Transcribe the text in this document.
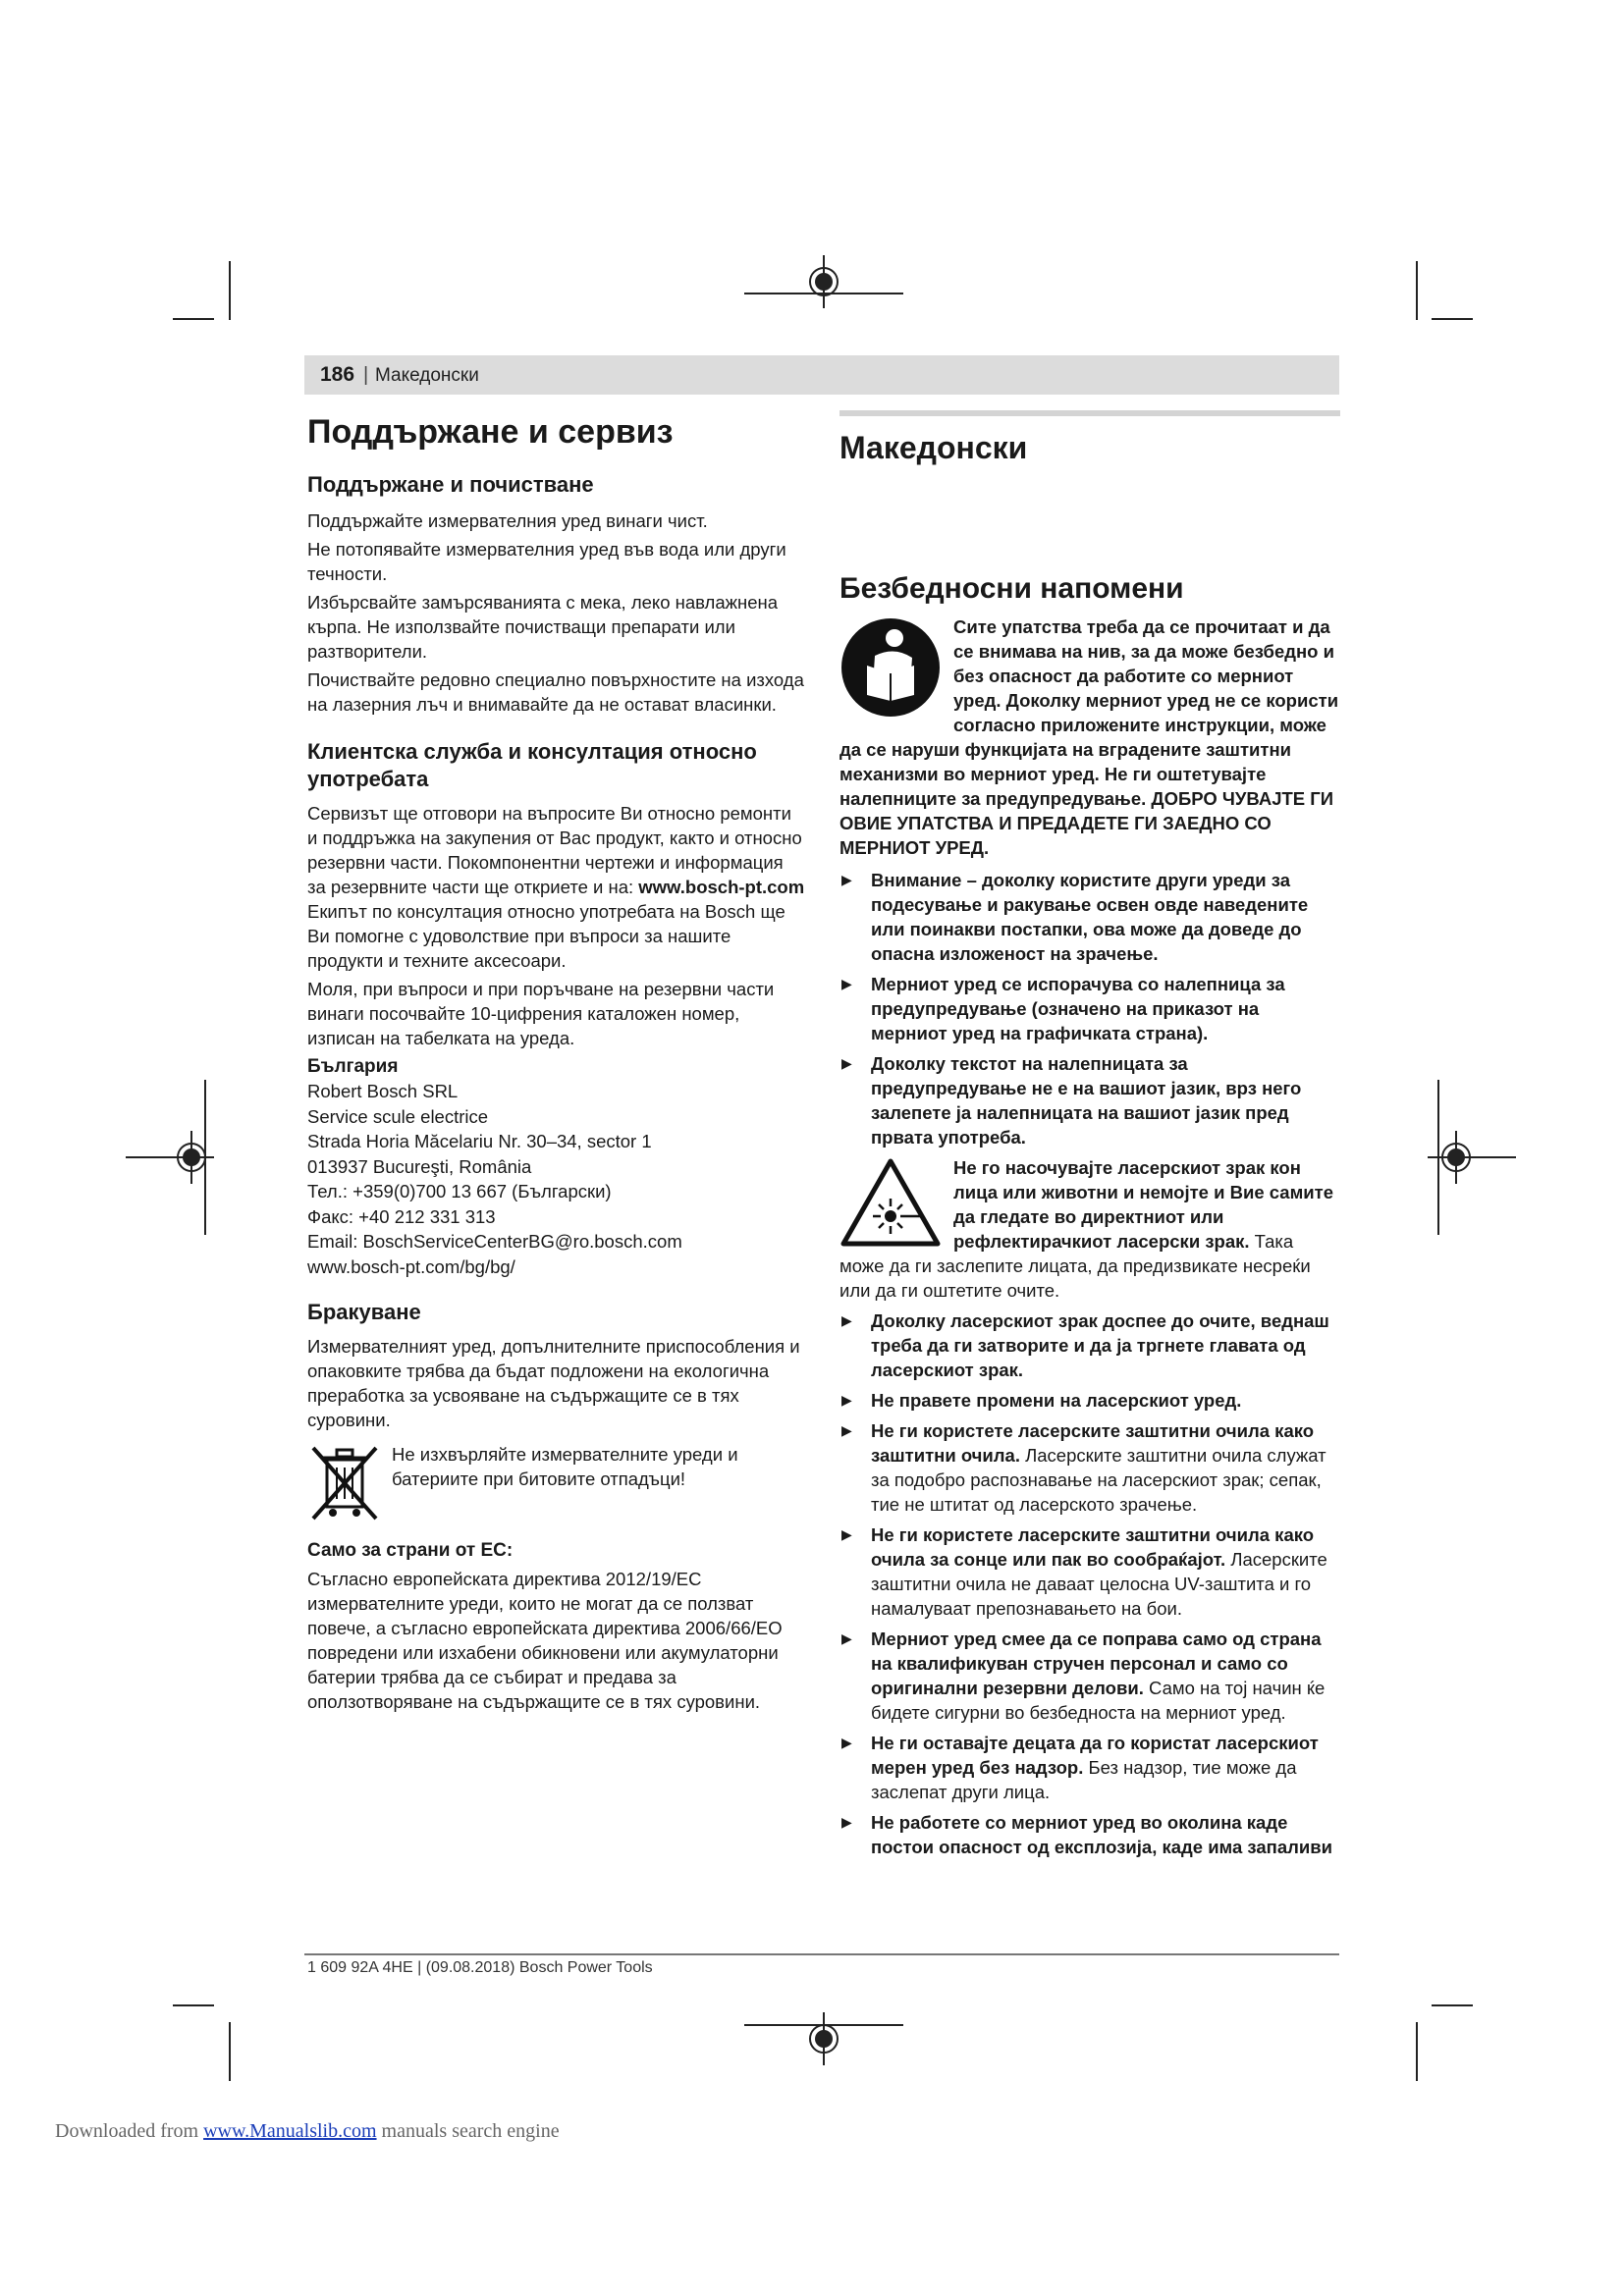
186 | Македонски
Поддържане и сервиз
Поддържане и почистване

Поддържайте измервателния уред винаги чист.

Не потопявайте измервателния уред във вода или други течности.

Избърсвайте замърсяванията с мека, леко навлажнена кърпа. Не използвайте почистващи препарати или разтворители.

Почиствайте редовно специално повърхностите на изхода на лазерния лъч и внимавайте да не остават власинки.

Клиентска служба и консултация относно употребата

Сервизът ще отговори на въпросите Ви относно ремонти и поддръжка на закупения от Вас продукт, както и относно резервни части. Покомпонентни чертежи и информация за резервните части ще откриете и на: www.bosch-pt.com

Екипът по консултация относно употребата на Bosch ще Ви помогне с удоволствие при въпроси за нашите продукти и техните аксесоари.

Моля, при въпроси и при поръчване на резервни части винаги посочвайте 10-цифрения каталожен номер, изписан на табелката на уреда.

България

Robert Bosch SRL

Service scule electrice

Strada Horia Măcelariu Nr. 30–34, sector 1

013937 Bucureşti, România

Тел.: +359(0)700 13 667 (Български)

Факс: +40 212 331 313

Email: BoschServiceCenterBG@ro.bosch.com

www.bosch-pt.com/bg/bg/

Бракуване

Измервателният уред, допълнителните приспособления и опаковките трябва да бъдат подложени на екологична преработка за усвояване на съдържащите се в тях суровини.

Не изхвърляйте измервателните уреди и батериите при битовите отпадъци!

Само за страни от ЕС:

Съгласно европейската директива 2012/19/ЕС измервателните уреди, които не могат да се ползват повече, а съгласно европейската директива 2006/66/ЕО повредени или изхабени обикновени или акумулаторни батерии трябва да се събират и предава за оползотворяване на съдържащите се в тях суровини.

Македонски
Безбедносни напомени

Сите упатства треба да се прочитаат и да се внимава на нив, за да може безбедно и без опасност да работите со мерниот уред. Доколку мерниот уред не се користи согласно приложените инструкции, може да се наруши функцијата на вградените заштитни механизми во мерниот уред. Не ги оштетувајте налепниците за предупредување. ДОБРО ЧУВАЈТЕ ГИ ОВИЕ УПАТСТВА И ПРЕДАДЕТЕ ГИ ЗАЕДНО СО МЕРНИОТ УРЕД.

▶ Внимание – доколку користите други уреди за подесување и ракување освен овде наведените или поинакви постапки, ова може да доведе до опасна изложеност на зрачење.
▶ Мерниот уред се испорачува со налепница за предупредување (означено на приказот на мерниот уред на графичката страна).
▶ Доколку текстот на налепницата за предупредување не е на вашиот јазик, врз него залепете ја налепницата на вашиот јазик пред првата употреба.

Не го насочувајте ласерскиот зрак кон лица или животни и немојте и Вие самите да гледате во директниот или рефлектирачкиот ласерски зрак. Така може да ги заслепите лицата, да предизвикате несреќи или да ги оштетите очите.

▶ Доколку ласерскиот зрак доспее до очите, веднаш треба да ги затворите и да ја тргнете главата од ласерскиот зрак.
▶ Не правете промени на ласерскиот уред.
▶ Не ги користете ласерските заштитни очила како заштитни очила. Ласерските заштитни очила служат за подобро распознавање на ласерскиот зрак; сепак, тие не штитат од ласерското зрачење.
▶ Не ги користете ласерските заштитни очила како очила за сонце или пак во сообраќајот. Ласерските заштитни очила не даваат целосна UV-заштита и го намалуваат препознавањето на бои.
▶ Мерниот уред смее да се поправа само од страна на квалификуван стручен персонал и само со оригинални резервни делови. Само на тој начин ќе бидете сигурни во безбедноста на мерниот уред.
▶ Не ги оставајте децата да го користат ласерскиот мерен уред без надзор. Без надзор, тие може да заслепат други лица.
▶ Не работете со мерниот уред во околина каде постои опасност од експлозија, каде има запаливи
1 609 92A 4HE | (09.08.2018) Bosch Power Tools
Downloaded from www.Manualslib.com manuals search engine
